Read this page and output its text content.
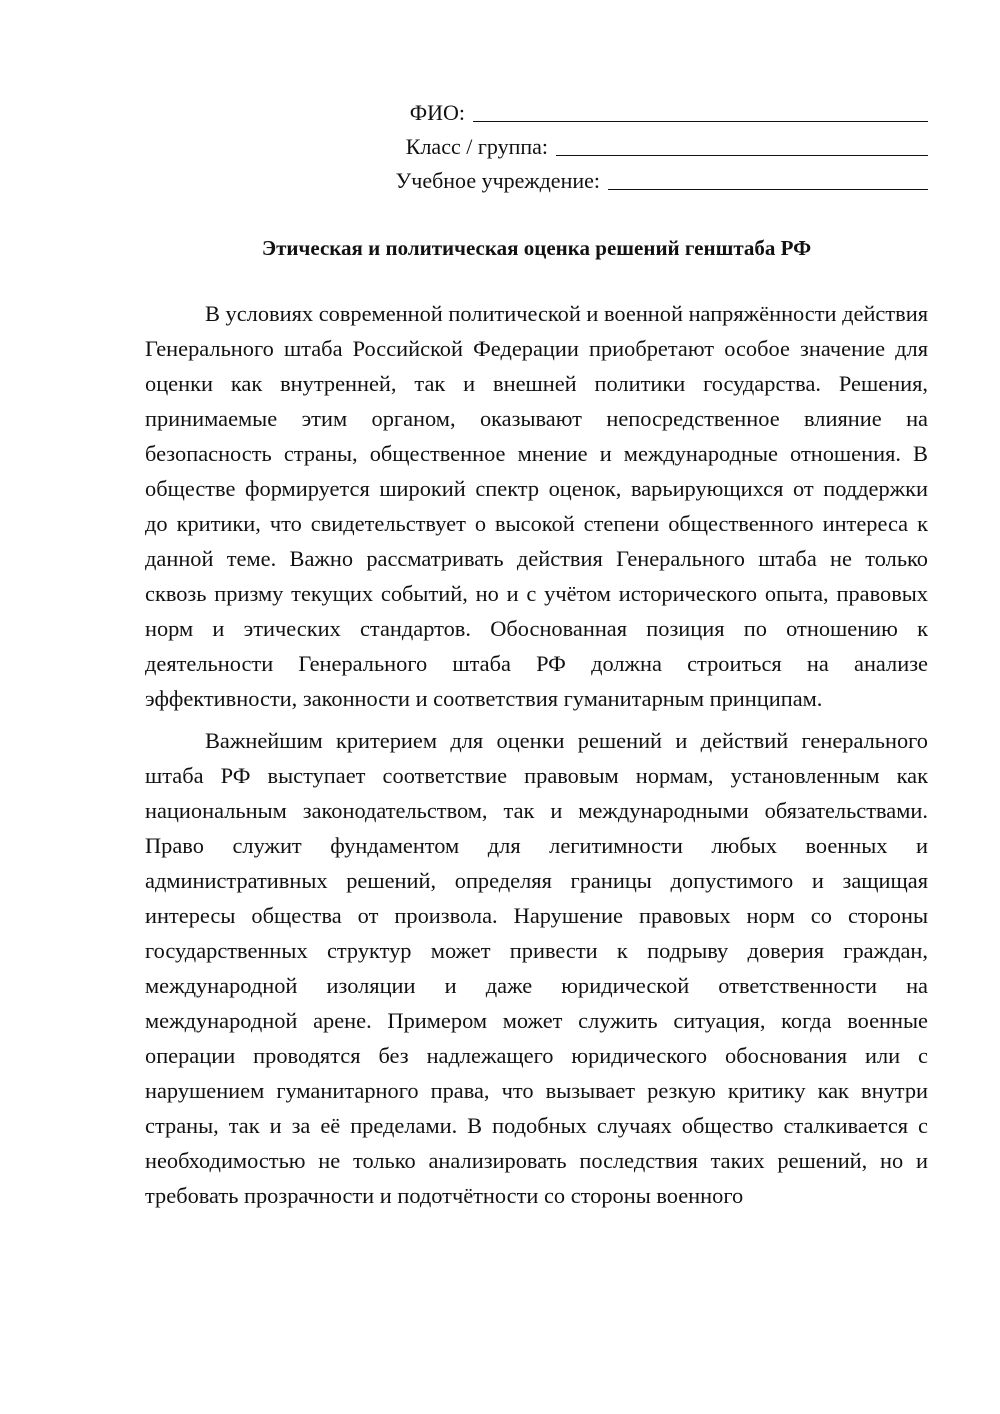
ФИО:
Класс / группа:
Учебное учреждение:
Этическая и политическая оценка решений генштаба РФ

В условиях современной политической и военной напряжённости действия Генерального штаба Российской Федерации приобретают особое значение для оценки как внутренней, так и внешней политики государства. Решения, принимаемые этим органом, оказывают непосредственное влияние на безопасность страны, общественное мнение и международные отношения. В обществе формируется широкий спектр оценок, варьирующихся от поддержки до критики, что свидетельствует о высокой степени общественного интереса к данной теме. Важно рассматривать действия Генерального штаба не только сквозь призму текущих событий, но и с учётом исторического опыта, правовых норм и этических стандартов. Обоснованная позиция по отношению к деятельности Генерального штаба РФ должна строиться на анализе эффективности, законности и соответствия гуманитарным принципам.

Важнейшим критерием для оценки решений и действий генерального штаба РФ выступает соответствие правовым нормам, установленным как национальным законодательством, так и международными обязательствами. Право служит фундаментом для легитимности любых военных и административных решений, определяя границы допустимого и защищая интересы общества от произвола. Нарушение правовых норм со стороны государственных структур может привести к подрыву доверия граждан, международной изоляции и даже юридической ответственности на международной арене. Примером может служить ситуация, когда военные операции проводятся без надлежащего юридического обоснования или с нарушением гуманитарного права, что вызывает резкую критику как внутри страны, так и за её пределами. В подобных случаях общество сталкивается с необходимостью не только анализировать последствия таких решений, но и требовать прозрачности и подотчётности со стороны военного
